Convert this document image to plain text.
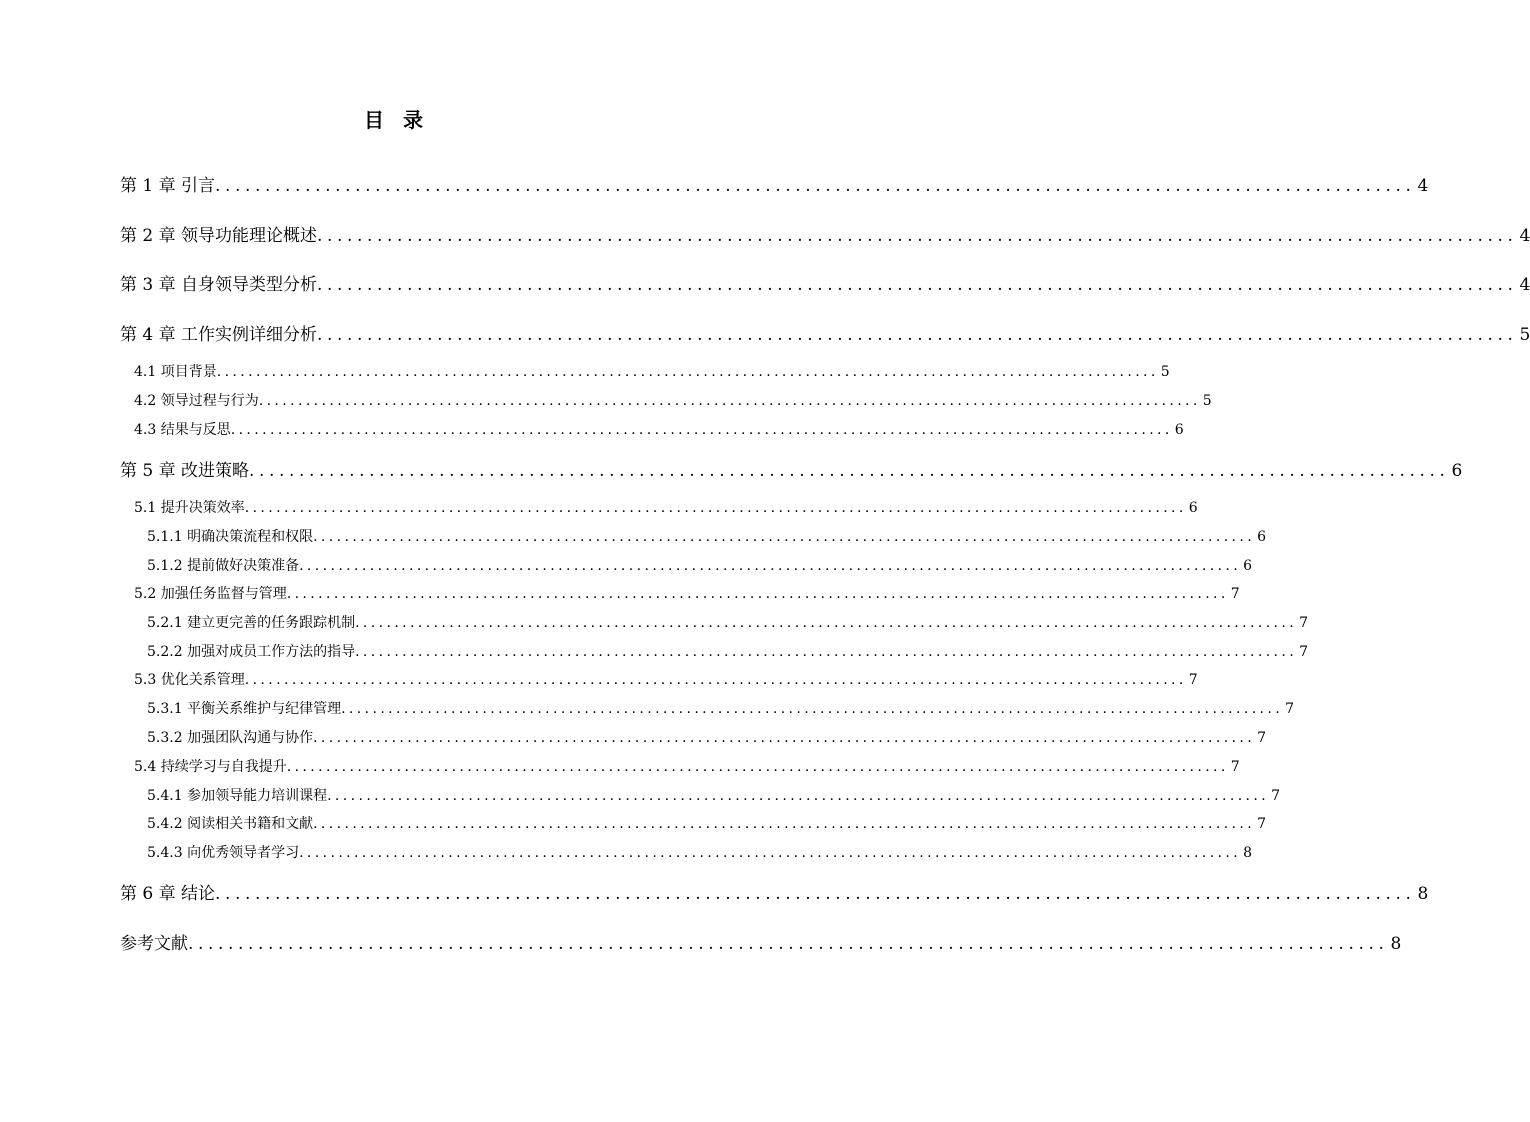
目 录
第 1 章 引言 ........................................................................................................................ 4
第 2 章 领导功能理论概述 ........................................................................................................................ 4
第 3 章 自身领导类型分析 ........................................................................................................................ 4
第 4 章 工作实例详细分析 ........................................................................................................................ 5
4.1 项目背景 ........................................................................................................................ 5
4.2 领导过程与行为 ........................................................................................................................ 5
4.3 结果与反思 ........................................................................................................................ 6
第 5 章 改进策略 ........................................................................................................................ 6
5.1 提升决策效率 ........................................................................................................................ 6
5.1.1 明确决策流程和权限 ........................................................................................................................ 6
5.1.2 提前做好决策准备 ........................................................................................................................ 6
5.2 加强任务监督与管理 ........................................................................................................................ 7
5.2.1 建立更完善的任务跟踪机制 ........................................................................................................................ 7
5.2.2 加强对成员工作方法的指导 ........................................................................................................................ 7
5.3 优化关系管理 ........................................................................................................................ 7
5.3.1 平衡关系维护与纪律管理 ........................................................................................................................ 7
5.3.2 加强团队沟通与协作 ........................................................................................................................ 7
5.4 持续学习与自我提升 ........................................................................................................................ 7
5.4.1 参加领导能力培训课程 ........................................................................................................................ 7
5.4.2 阅读相关书籍和文献 ........................................................................................................................ 7
5.4.3 向优秀领导者学习 ........................................................................................................................ 8
第 6 章 结论 ........................................................................................................................ 8
参考文献 ........................................................................................................................ 8
